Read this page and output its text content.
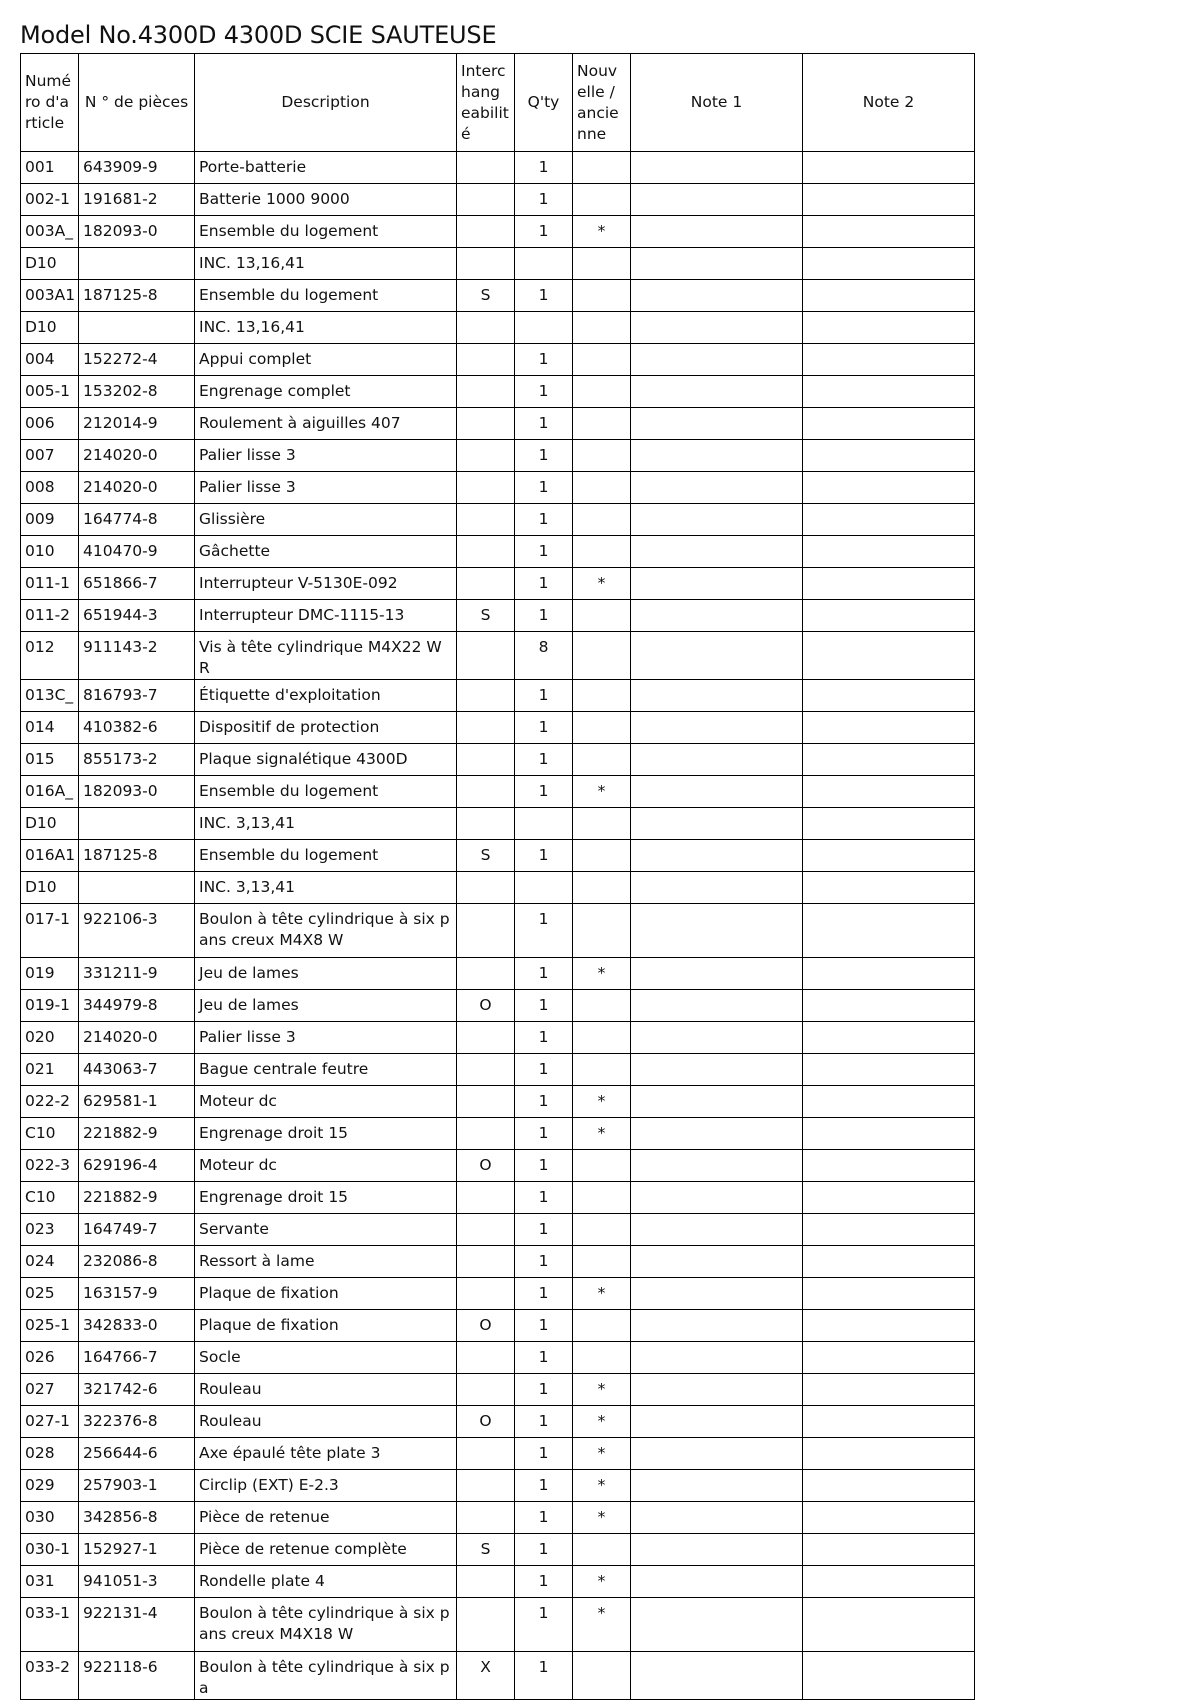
Model No.4300D 4300D SCIE SAUTEUSE
Numé ro d'a rticle	N ° de pièces	Description	Interc hang eabilit é	Q'ty	Nouv elle / ancie nne	Note 1	Note 2
001	643909-9	Porte-batterie		1			
002-1	191681-2	Batterie 1000 9000		1			
003A_	182093-0	Ensemble du logement		1	*		
D10		INC. 13,16,41					
003A1	187125-8	Ensemble du logement	S	1			
D10		INC. 13,16,41					
004	152272-4	Appui complet		1			
005-1	153202-8	Engrenage complet		1			
006	212014-9	Roulement à aiguilles 407		1			
007	214020-0	Palier lisse 3		1			
008	214020-0	Palier lisse 3		1			
009	164774-8	Glissière		1			
010	410470-9	Gâchette		1			
011-1	651866-7	Interrupteur V-5130E-092		1	*		
011-2	651944-3	Interrupteur DMC-1115-13	S	1			
012	911143-2	Vis à tête cylindrique M4X22 WR		8			
013C_	816793-7	Étiquette d'exploitation		1			
014	410382-6	Dispositif de protection		1			
015	855173-2	Plaque signalétique 4300D		1			
016A_	182093-0	Ensemble du logement		1	*		
D10		INC. 3,13,41					
016A1	187125-8	Ensemble du logement	S	1			
D10		INC. 3,13,41					
017-1	922106-3	Boulon à tête cylindrique à six pans creux M4X8 W		1			
019	331211-9	Jeu de lames		1	*		
019-1	344979-8	Jeu de lames	O	1			
020	214020-0	Palier lisse 3		1			
021	443063-7	Bague centrale feutre		1			
022-2	629581-1	Moteur dc		1	*		
C10	221882-9	Engrenage droit 15		1	*		
022-3	629196-4	Moteur dc	O	1			
C10	221882-9	Engrenage droit 15		1			
023	164749-7	Servante		1			
024	232086-8	Ressort à lame		1			
025	163157-9	Plaque de fixation		1	*		
025-1	342833-0	Plaque de fixation	O	1			
026	164766-7	Socle		1			
027	321742-6	Rouleau		1	*		
027-1	322376-8	Rouleau	O	1	*		
028	256644-6	Axe épaulé tête plate 3		1	*		
029	257903-1	Circlip (EXT) E-2.3		1	*		
030	342856-8	Pièce de retenue		1	*		
030-1	152927-1	Pièce de retenue complète	S	1			
031	941051-3	Rondelle plate 4		1	*		
033-1	922131-4	Boulon à tête cylindrique à six pans creux M4X18 W		1	*		
033-2	922118-6	Boulon à tête cylindrique à six pa	X	1			
